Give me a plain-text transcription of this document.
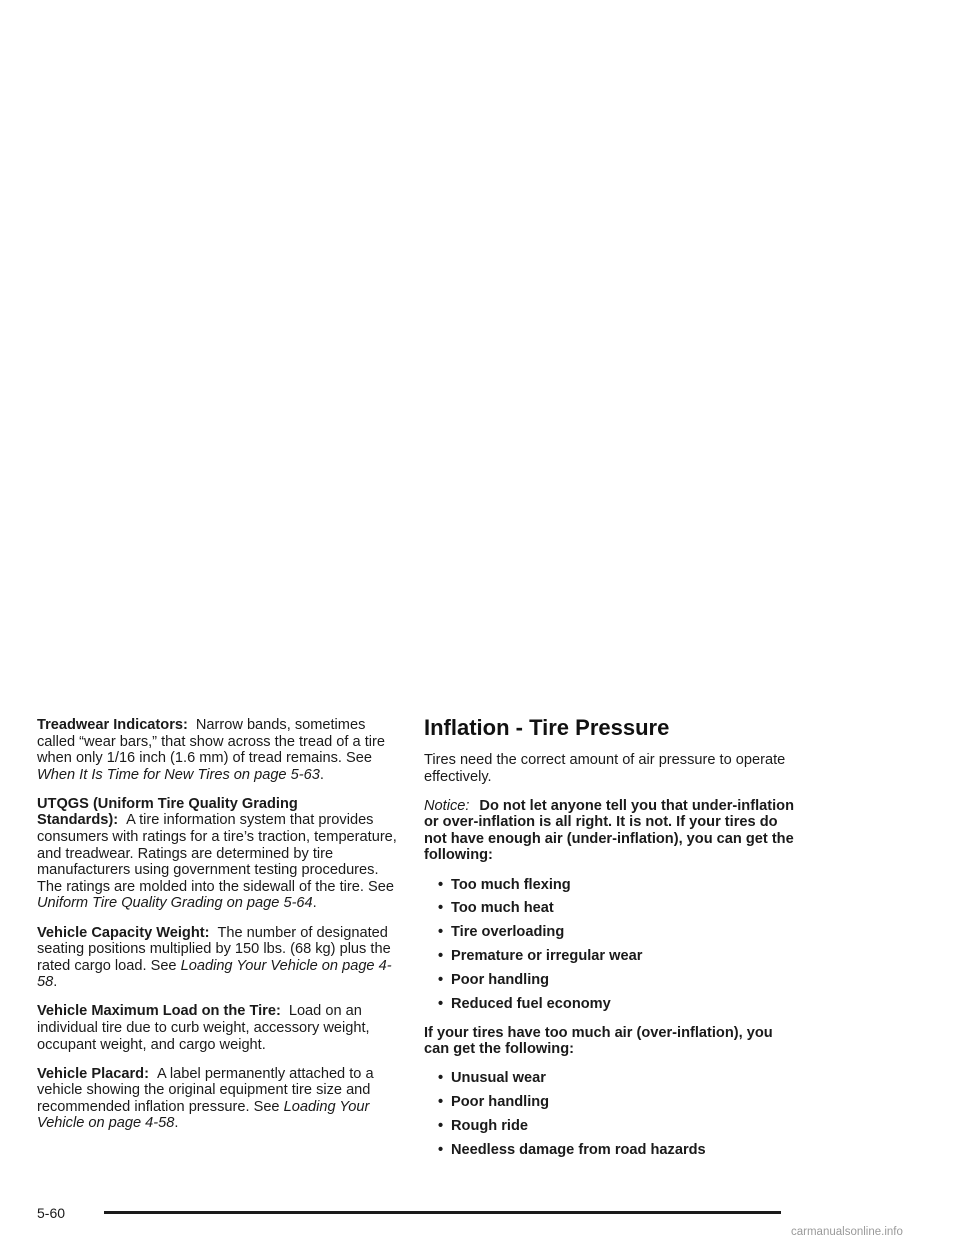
Treadwear Indicators: Narrow bands, sometimes called “wear bars,” that show across the tread of a tire when only 1/16 inch (1.6 mm) of tread remains. See When It Is Time for New Tires on page 5-63.

UTQGS (Uniform Tire Quality Grading Standards): A tire information system that provides consumers with ratings for a tire’s traction, temperature, and treadwear. Ratings are determined by tire manufacturers using government testing procedures. The ratings are molded into the sidewall of the tire. See Uniform Tire Quality Grading on page 5-64.

Vehicle Capacity Weight: The number of designated seating positions multiplied by 150 lbs. (68 kg) plus the rated cargo load. See Loading Your Vehicle on page 4-58.

Vehicle Maximum Load on the Tire: Load on an individual tire due to curb weight, accessory weight, occupant weight, and cargo weight.

Vehicle Placard: A label permanently attached to a vehicle showing the original equipment tire size and recommended inflation pressure. See Loading Your Vehicle on page 4-58.

Inflation - Tire Pressure

Tires need the correct amount of air pressure to operate effectively.

Notice: Do not let anyone tell you that under-inflation or over-inflation is all right. It is not. If your tires do not have enough air (under-inflation), you can get the following:

• Too much flexing
• Too much heat
• Tire overloading
• Premature or irregular wear
• Poor handling
• Reduced fuel economy

If your tires have too much air (over-inflation), you can get the following:

• Unusual wear
• Poor handling
• Rough ride
• Needless damage from road hazards
5-60
carmanualsonline.info
